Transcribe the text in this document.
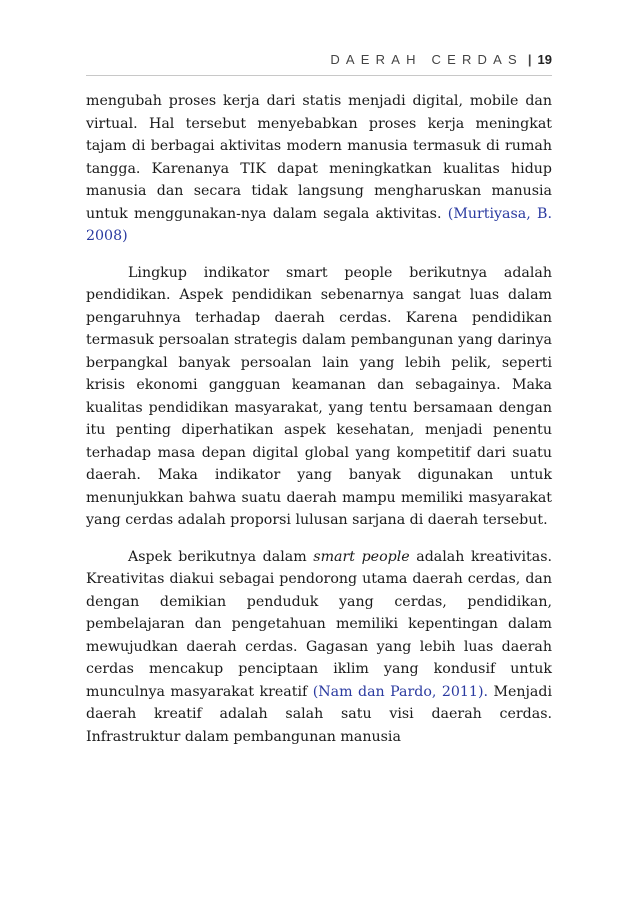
DAERAH CERDAS | 19

mengubah proses kerja dari statis menjadi digital, mobile dan virtual. Hal tersebut menyebabkan proses kerja meningkat tajam di berbagai aktivitas modern manusia termasuk di rumah tangga. Karenanya TIK dapat meningkatkan kualitas hidup manusia dan secara tidak langsung mengharuskan manusia untuk menggunakan-nya dalam segala aktivitas. (Murtiyasa, B. 2008)

Lingkup indikator smart people berikutnya adalah pendidikan. Aspek pendidikan sebenarnya sangat luas dalam pengaruhnya terhadap daerah cerdas. Karena pendidikan termasuk persoalan strategis dalam pembangunan yang darinya berpangkal banyak persoalan lain yang lebih pelik, seperti krisis ekonomi gangguan keamanan dan sebagainya. Maka kualitas pendidikan masyarakat, yang tentu bersamaan dengan itu penting diperhatikan aspek kesehatan, menjadi penentu terhadap masa depan digital global yang kompetitif dari suatu daerah. Maka indikator yang banyak digunakan untuk menunjukkan bahwa suatu daerah mampu memiliki masyarakat yang cerdas adalah proporsi lulusan sarjana di daerah tersebut.

Aspek berikutnya dalam smart people adalah kreativitas. Kreativitas diakui sebagai pendorong utama daerah cerdas, dan dengan demikian penduduk yang cerdas, pendidikan, pembelajaran dan pengetahuan memiliki kepentingan dalam mewujudkan daerah cerdas. Gagasan yang lebih luas daerah cerdas mencakup penciptaan iklim yang kondusif untuk munculnya masyarakat kreatif (Nam dan Pardo, 2011). Menjadi daerah kreatif adalah salah satu visi daerah cerdas. Infrastruktur dalam pembangunan manusia
